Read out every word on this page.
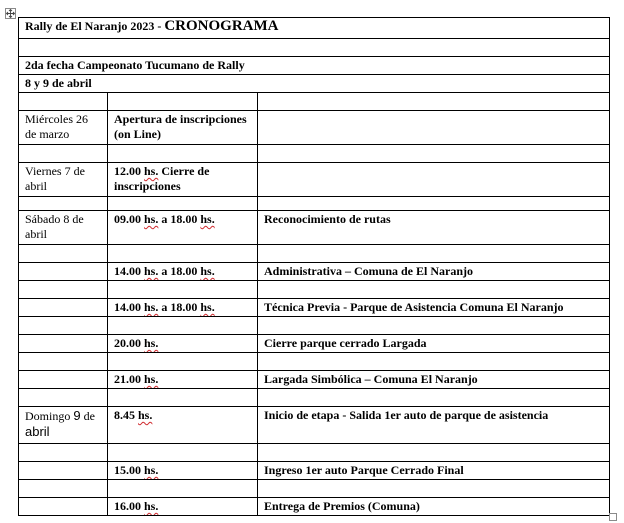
Rally de El Naranjo 2023 - CRONOGRAMA		

2da fecha Campeonato Tucumano de Rally		
8 y 9 de abril		

Miércoles 26 de marzo	Apertura de inscripciones (on Line)	

Viernes 7 de abril	12.00 hs. Cierre de inscripciones	

Sábado 8 de abril	09.00 hs. a 18.00 hs.	Reconocimiento de rutas

	14.00 hs. a 18.00 hs.	Administrativa – Comuna de El Naranjo

	14.00 hs. a 18.00 hs.	Técnica Previa - Parque de Asistencia Comuna El Naranjo

	20.00 hs.	Cierre parque cerrado Largada

	21.00 hs.	Largada Simbólica – Comuna El Naranjo

Domingo 9 de
abril	8.45 hs.	Inicio de etapa - Salida 1er auto de parque de asistencia

	15.00 hs.	Ingreso 1er auto Parque Cerrado Final

	16.00 hs.	Entrega de Premios (Comuna)
